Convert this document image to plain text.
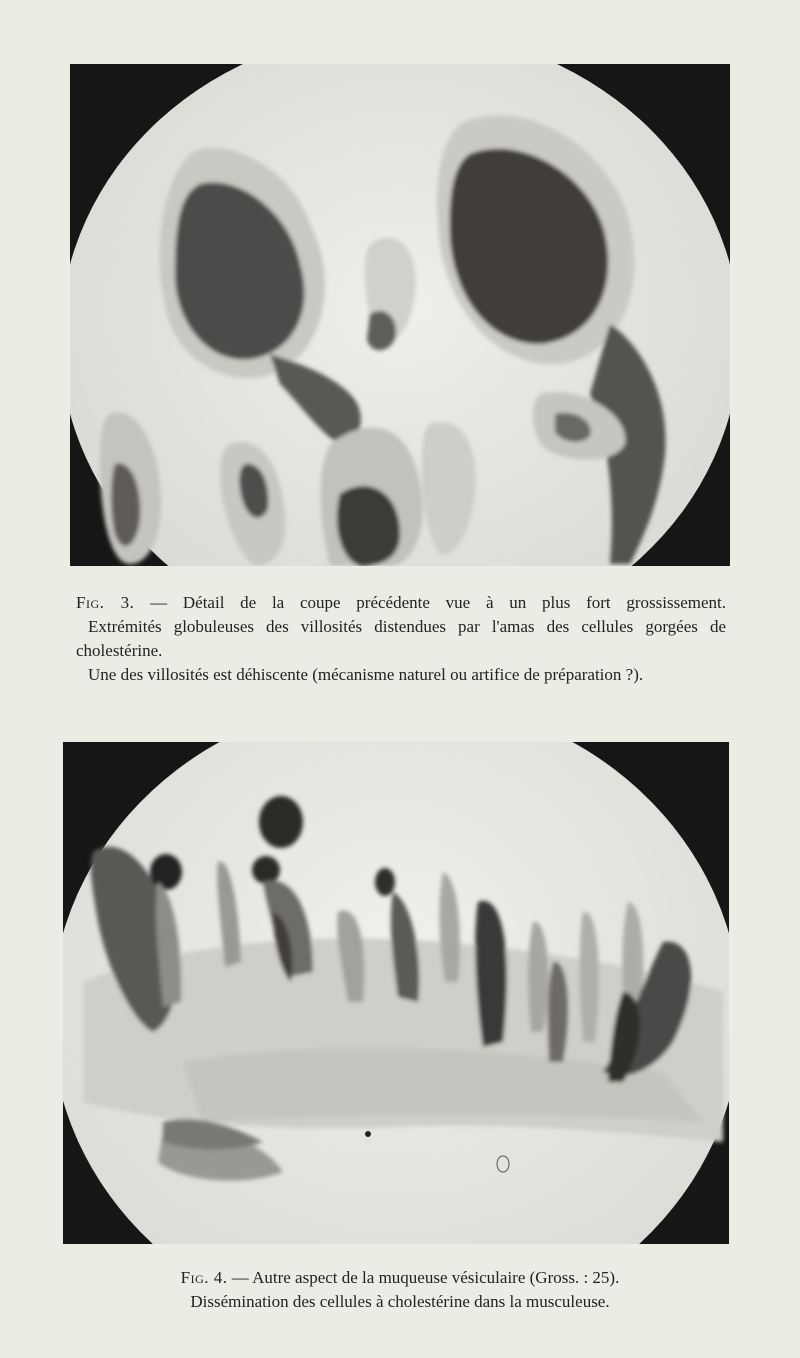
Fig. 3. — Détail de la coupe précédente vue à un plus fort grossissement.
Extrémités globuleuses des villosités distendues par l'amas des cellules gorgées de cholestérine.
Une des villosités est déhiscente (mécanisme naturel ou artifice de préparation ?).
Fig. 4. — Autre aspect de la muqueuse vésiculaire (Gross. : 25).
Dissémination des cellules à cholestérine dans la musculeuse.
